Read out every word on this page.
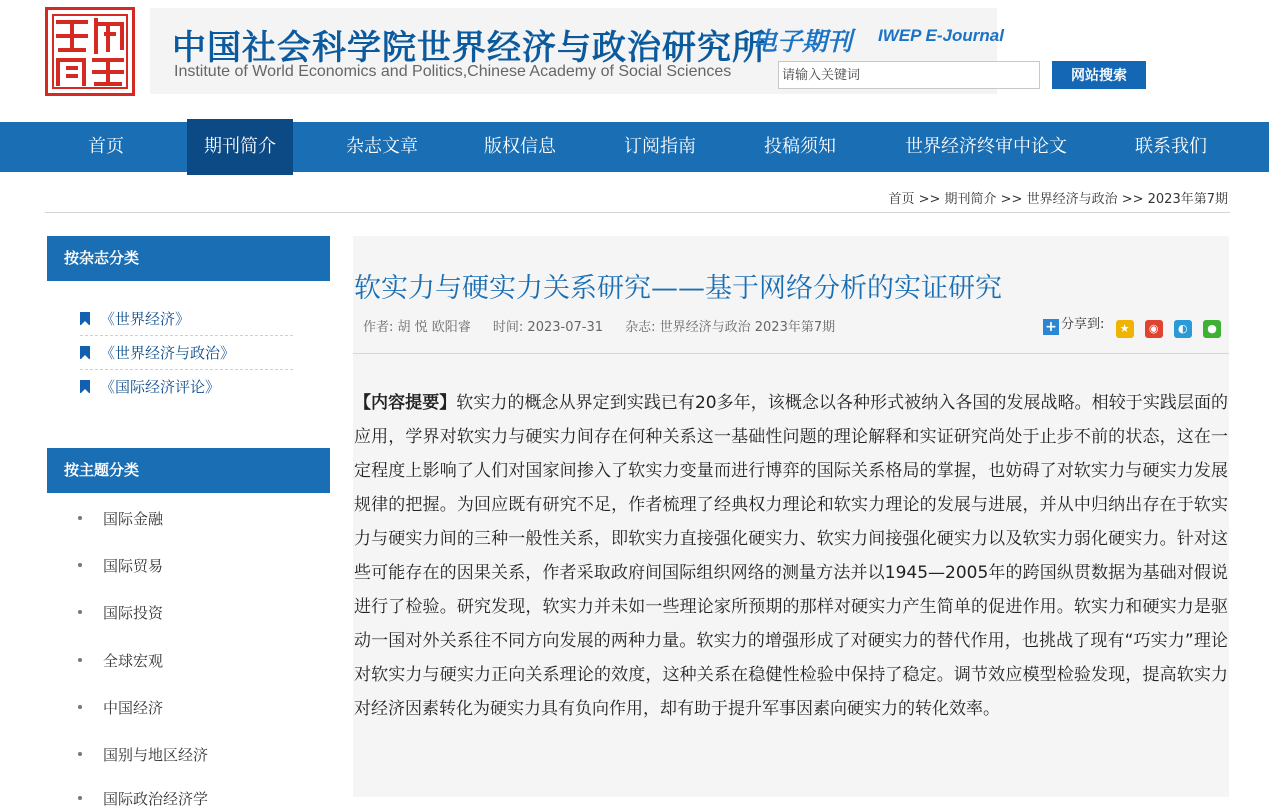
中国社会科学院世界经济与政治研究所
Institute of World Economics and Politics,Chinese Academy of Social Sciences
电子期刊 IWEP E-Journal
请输入关键词
网站搜索
首页	期刊简介	杂志文章	版权信息	订阅指南	投稿须知	世界经济终审中论文	联系我们
首页 >> 期刊简介 >> 世界经济与政治 >> 2023年第7期
按杂志分类
《世界经济》
《世界经济与政治》
《国际经济评论》
按主题分类
国际金融
国际贸易
国际投资
全球宏观
中国经济
国别与地区经济
国际政治经济学
软实力与硬实力关系研究——基于网络分析的实证研究
作者: 胡 悦 欧阳睿 时间: 2023-07-31 杂志: 世界经济与政治 2023年第7期	+ 分享到: ★ ◉ ◐ ●
【内容提要】软实力的概念从界定到实践已有20多年，该概念以各种形式被纳入各国的发展战略。相较于实践层面的应用，学界对软实力与硬实力间存在何种关系这一基础性问题的理论解释和实证研究尚处于止步不前的状态，这在一定程度上影响了人们对国家间掺入了软实力变量而进行博弈的国际关系格局的掌握，也妨碍了对软实力与硬实力发展规律的把握。为回应既有研究不足，作者梳理了经典权力理论和软实力理论的发展与进展，并从中归纳出存在于软实力与硬实力间的三种一般性关系，即软实力直接强化硬实力、软实力间接强化硬实力以及软实力弱化硬实力。针对这些可能存在的因果关系，作者采取政府间国际组织网络的测量方法并以1945—2005年的跨国纵贯数据为基础对假说进行了检验。研究发现，软实力并未如一些理论家所预期的那样对硬实力产生简单的促进作用。软实力和硬实力是驱动一国对外关系往不同方向发展的两种力量。软实力的增强形成了对硬实力的替代作用，也挑战了现有“巧实力”理论对软实力与硬实力正向关系理论的效度，这种关系在稳健性检验中保持了稳定。调节效应模型检验发现，提高软实力对经济因素转化为硬实力具有负向作用，却有助于提升军事因素向硬实力的转化效率。
